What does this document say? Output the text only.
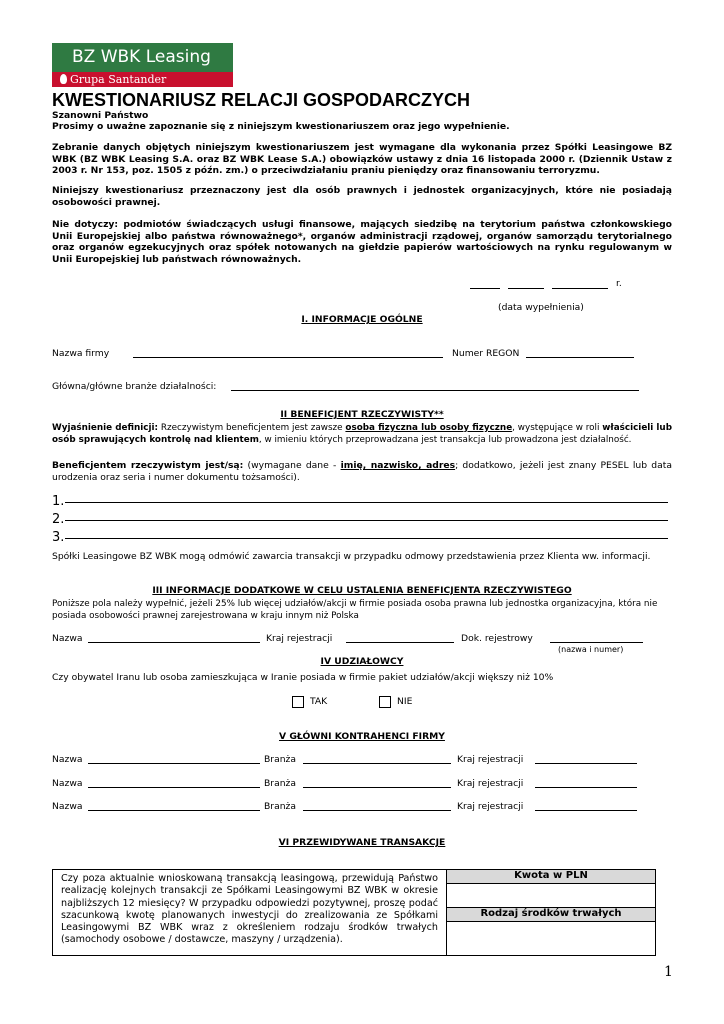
BZ WBK Leasing
Grupa Santander
KWESTIONARIUSZ RELACJI GOSPODARCZYCH
Szanowni Państwo
Prosimy o uważne zapoznanie się z niniejszym kwestionariuszem oraz jego wypełnienie.
Zebranie danych objętych niniejszym kwestionariuszem jest wymagane dla wykonania przez Spółki Leasingowe BZ WBK (BZ WBK Leasing S.A. oraz BZ WBK Lease S.A.) obowiązków ustawy z dnia 16 listopada 2000 r. (Dziennik Ustaw z 2003 r. Nr 153, poz. 1505 z późn. zm.) o przeciwdziałaniu praniu pieniędzy oraz finansowaniu terroryzmu.
Niniejszy kwestionariusz przeznaczony jest dla osób prawnych i jednostek organizacyjnych, które nie posiadają osobowości prawnej.
Nie dotyczy: podmiotów świadczących usługi finansowe, mających siedzibę na terytorium państwa członkowskiego Unii Europejskiej albo państwa równoważnego*, organów administracji rządowej, organów samorządu terytorialnego oraz organów egzekucyjnych oraz spółek notowanych na giełdzie papierów wartościowych na rynku regulowanym w Unii Europejskiej lub państwach równoważnych.
r.
(data wypełnienia)
I. INFORMACJE OGÓLNE
Nazwa firmy	Numer REGON
Główna/główne branże działalności:
II BENEFICJENT RZECZYWISTY**
Wyjaśnienie definicji: Rzeczywistym beneficjentem jest zawsze osoba fizyczna lub osoby fizyczne, występujące w roli właścicieli lub osób sprawujących kontrolę nad klientem, w imieniu których przeprowadzana jest transakcja lub prowadzona jest działalność.
Beneficjentem rzeczywistym jest/są: (wymagane dane - imię, nazwisko, adres; dodatkowo, jeżeli jest znany PESEL lub data urodzenia oraz seria i numer dokumentu tożsamości).
1.
2.
3.
Spółki Leasingowe BZ WBK mogą odmówić zawarcia transakcji w przypadku odmowy przedstawienia przez Klienta ww. informacji.
III INFORMACJE DODATKOWE W CELU USTALENIA BENEFICJENTA RZECZYWISTEGO
Poniższe pola należy wypełnić, jeżeli 25% lub więcej udziałów/akcji w firmie posiada osoba prawna lub jednostka organizacyjna, która nie posiada osobowości prawnej zarejestrowana w kraju innym niż Polska
Nazwa	Kraj rejestracji	Dok. rejestrowy
(nazwa i numer)
IV UDZIAŁOWCY
Czy obywatel Iranu lub osoba zamieszkująca w Iranie posiada w firmie pakiet udziałów/akcji większy niż 10%
TAK	NIE
V GŁÓWNI KONTRAHENCI FIRMY
Nazwa	Branża	Kraj rejestracji
Nazwa	Branża	Kraj rejestracji
Nazwa	Branża	Kraj rejestracji
VI PRZEWIDYWANE TRANSAKCJE
Czy poza aktualnie wnioskowaną transakcją leasingową, przewidują Państwo realizację kolejnych transakcji ze Spółkami Leasingowymi BZ WBK w okresie najbliższych 12 miesięcy? W przypadku odpowiedzi pozytywnej, proszę podać szacunkową kwotę planowanych inwestycji do zrealizowania ze Spółkami Leasingowymi BZ WBK wraz z określeniem rodzaju środków trwałych (samochody osobowe / dostawcze, maszyny / urządzenia).
	Kwota w PLN

Rodzaj środków trwałych

1
